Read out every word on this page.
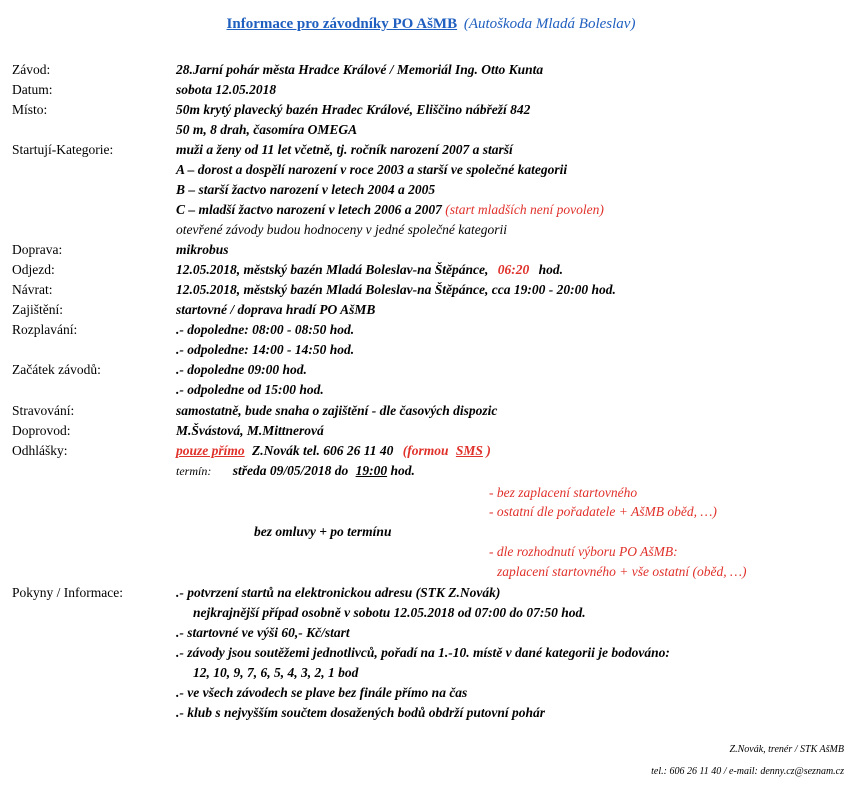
Informace pro závodníky PO AšMB (Autoškoda Mladá Boleslav)
Závod:	28.Jarní pohár města Hradce Králové / Memoriál Ing. Otto Kunta
Datum:	sobota 12.05.2018
Místo:	50m krytý plavecký bazén Hradec Králové, Eliščino nábřeží 842
50 m, 8 drah, časomíra OMEGA
Startují-Kategorie:	muži a ženy od 11 let včetně, tj. ročník narození 2007 a starší
A – dorost a dospělí narození v roce 2003 a starší ve společné kategorii
B – starší žactvo narození v letech 2004 a 2005
C – mladší žactvo narození v letech 2006 a 2007 (start mladších není povolen)
otevřené závody budou hodnoceny v jedné společné kategorii
Doprava:	mikrobus
Odjezd:	12.05.2018, městský bazén Mladá Boleslav-na Štěpánce, 06:20 hod.
Návrat:	12.05.2018, městský bazén Mladá Boleslav-na Štěpánce, cca 19:00 - 20:00 hod.
Zajištění:	startovné / doprava hradí PO AšMB
Rozplavání:	.- dopoledne: 08:00 - 08:50 hod.
.- odpoledne: 14:00 - 14:50 hod.
Začátek závodů:	.- dopoledne 09:00 hod.
.- odpoledne od 15:00 hod.
Stravování:	samostatně, bude snaha o zajištění - dle časových dispozic
Doprovod:	M.Švástová, M.Mittnerová
Odhlášky:	pouze přímo Z.Novák tel. 606 26 11 40 (formou SMS )
termín: středa 09/05/2018 do 19:00 hod.
- bez zaplacení startovného
- ostatní dle pořadatele + AšMB oběd, …)
bez omluvy + po termínu
- dle rozhodnutí výboru PO AšMB:
zaplacení startovného + vše ostatní (oběd, …)
Pokyny / Informace:	.- potvrzení startů na elektronickou adresu (STK Z.Novák)
nejkrajnější případ osobně v sobotu 12.05.2018 od 07:00 do 07:50 hod.
.- startovné ve výši 60,- Kč/start
.- závody jsou soutěžemi jednotlivců, pořadí na 1.-10. místě v dané kategorii je bodováno:
12, 10, 9, 7, 6, 5, 4, 3, 2, 1 bod
.- ve všech závodech se plave bez finále přímo na čas
.- klub s nejvyšším součtem dosažených bodů obdrží putovní pohár
Z.Novák, trenér / STK AšMB
tel.: 606 26 11 40 / e-mail: denny.cz@seznam.cz
